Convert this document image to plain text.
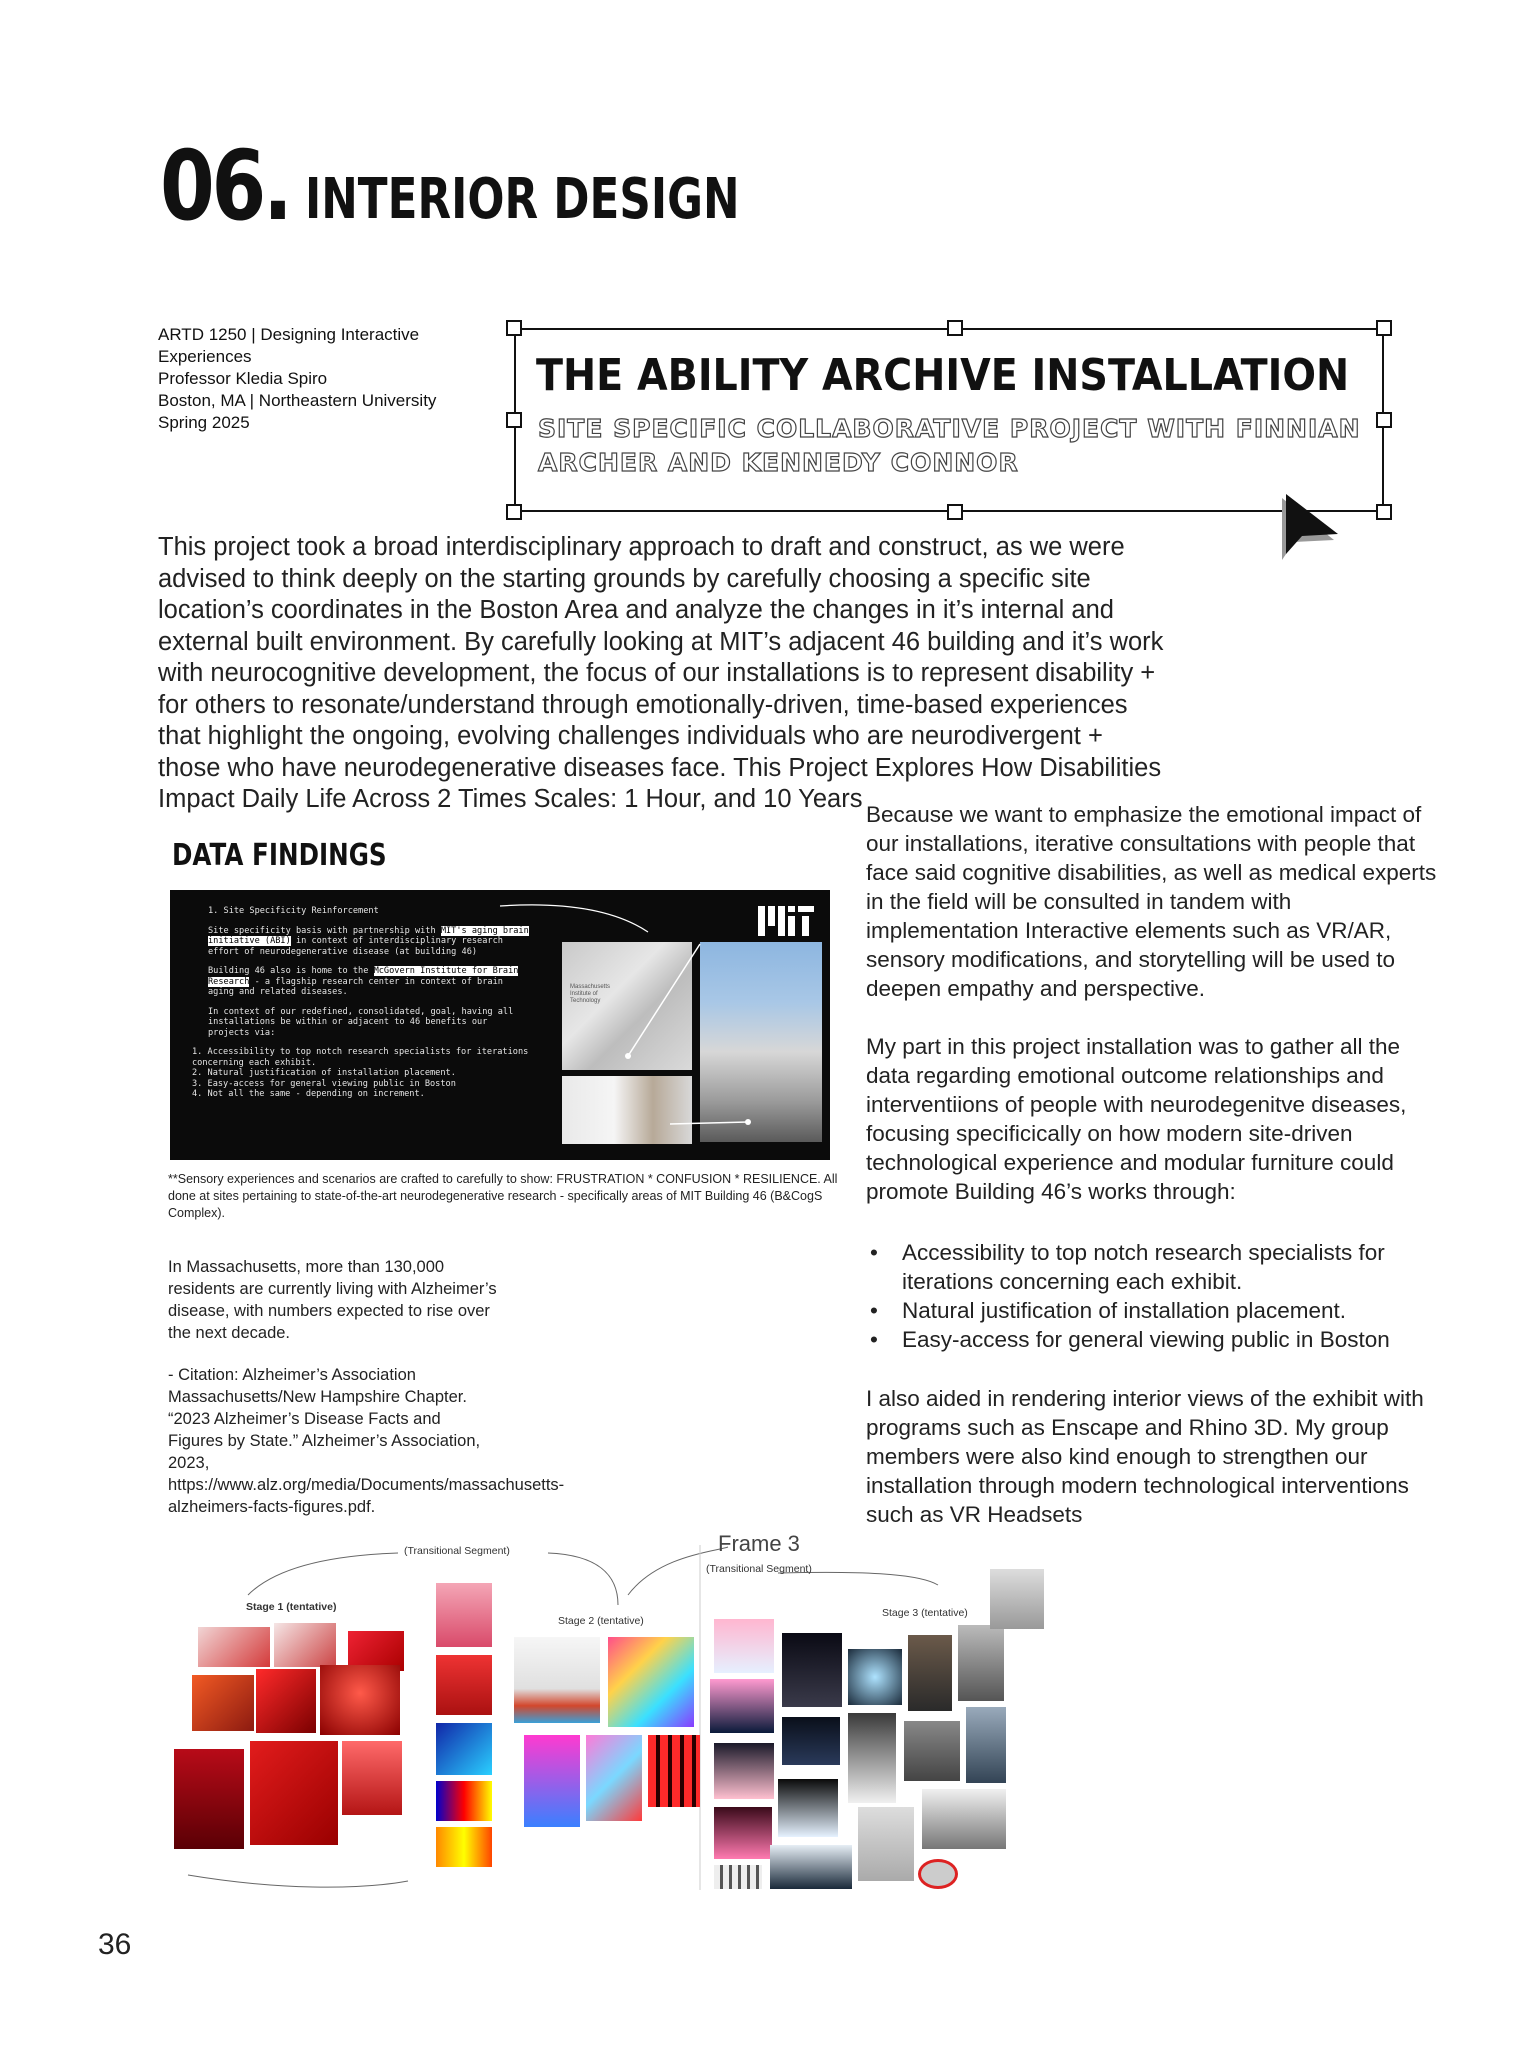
06. INTERIOR DESIGN
ARTD 1250 | Designing Interactive Experiences
Professor Kledia Spiro
Boston, MA | Northeastern University
Spring 2025
THE ABILITY ARCHIVE INSTALLATION
SITE SPECIFIC COLLABORATIVE PROJECT WITH FINNIAN ARCHER AND KENNEDY CONNOR
This project took a broad interdisciplinary approach to draft and construct, as we were advised to think deeply on the starting grounds by carefully choosing a specific site location’s coordinates in the Boston Area and analyze the changes in it’s internal and external built environment. By carefully looking at MIT’s adjacent 46 building and it’s work with neurocognitive development, the focus of our installations is to represent disability + for others to resonate/understand through emotionally-driven, time-based experiences that highlight the ongoing, evolving challenges individuals who are neurodivergent + those who have neurodegenerative diseases face. This Project Explores How Disabilities Impact Daily Life Across 2 Times Scales: 1 Hour, and 10 Years
DATA FINDINGS

1. Site Specificity Reinforcement

Site specificity basis with partnership with MIT's aging brain initiative (ABI) in context of interdisciplinary research effort of neurodegenerative disease (at building 46)

Building 46 also is home to the McGovern Institute for Brain Research - a flagship research center in context of brain aging and related diseases.

In context of our redefined, consolidated, goal, having all installations be within or adjacent to 46 benefits our projects via:

1. Accessibility to top notch research specialists for iterations concerning each exhibit.
2. Natural justification of installation placement.
3. Easy-access for general viewing public in Boston
4. Not all the same - depending on increment.
Massachusetts Institute of Technology
**Sensory experiences and scenarios are crafted to carefully to show: FRUSTRATION * CONFUSION * RESILIENCE. All done at sites pertaining to state-of-the-art neurodegenerative research - specifically areas of MIT Building 46 (B&CogS Complex).
In Massachusetts, more than 130,000 residents are currently living with Alzheimer’s disease, with numbers expected to rise over the next decade.
- Citation: Alzheimer’s Association Massachusetts/New Hampshire Chapter. “2023 Alzheimer’s Disease Facts and Figures by State.” Alzheimer’s Association, 2023, https://www.alz.org/media/Documents/massachusetts-alzheimers-facts-figures.pdf.

Because we want to emphasize the emotional impact of our installations, iterative consultations with people that face said cognitive disabilities, as well as medical experts in the field will be consulted in tandem with implementation Interactive elements such as VR/AR, sensory modifications, and storytelling will be used to deepen empathy and perspective.

My part in this project installation was to gather all the data regarding emotional outcome relationships and interventiions of people with neurodegenitve diseases, focusing specificically on how modern site-driven technological experience and modular furniture could promote Building 46’s works through:

• Accessibility to top notch research specialists for iterations concerning each exhibit.
• Natural justification of installation placement.
• Easy-access for general viewing public in Boston
I also aided in rendering interior views of the exhibit with programs such as Enscape and Rhino 3D. My group members were also kind enough to strengthen our installation through modern technological interventions such as VR Headsets
(Transitional Segment)	Frame 3
(Transitional Segment)
Stage 1 (tentative)
Stage 2 (tentative)
Stage 3 (tentative)
36
